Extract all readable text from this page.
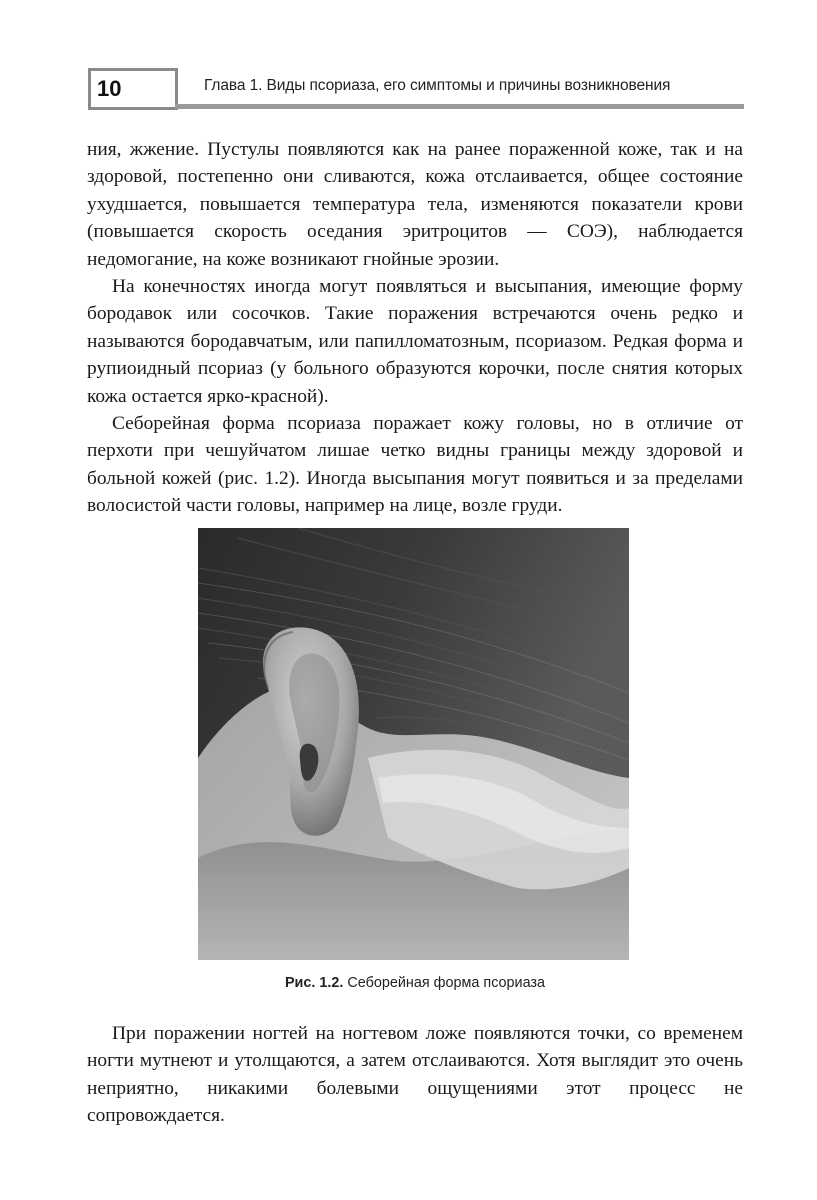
10	Глава 1. Виды псориаза, его симптомы и причины возникновения

ния, жжение. Пустулы появляются как на ранее пораженной коже, так и на здоровой, постепенно они сливаются, кожа отслаивается, общее состояние ухудшается, повышается температура тела, изменяются показатели крови (повышается скорость оседания эритроцитов — СОЭ), наблюдается недомогание, на коже возникают гнойные эрозии.

На конечностях иногда могут появляться и высыпания, имеющие форму бородавок или сосочков. Такие поражения встречаются очень редко и называются бородавчатым, или папилломатозным, псориазом. Редкая форма и рупиоидный псориаз (у больного образуются корочки, после снятия которых кожа остается ярко-красной).

Себорейная форма псориаза поражает кожу головы, но в отличие от перхоти при чешуйчатом лишае четко видны границы между здоровой и больной кожей (рис. 1.2). Иногда высыпания могут появиться и за пределами волосистой части головы, например на лице, возле груди.

Рис. 1.2. Себорейная форма псориаза

При поражении ногтей на ногтевом ложе появляются точки, со временем ногти мутнеют и утолщаются, а затем отслаиваются. Хотя выглядит это очень неприятно, никакими болевыми ощущениями этот процесс не сопровождается.
